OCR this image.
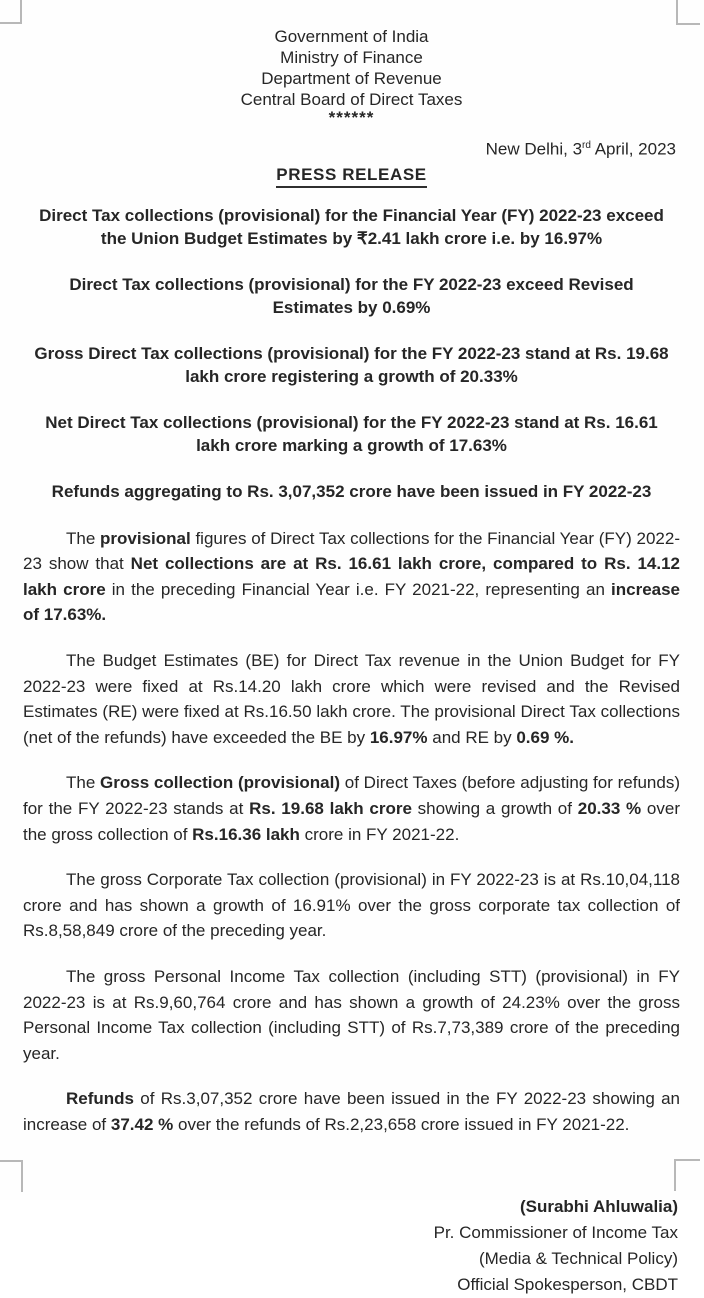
Government of India
Ministry of Finance
Department of Revenue
Central Board of Direct Taxes
******
New Delhi, 3rd April, 2023
PRESS RELEASE
Direct Tax collections (provisional) for the Financial Year (FY) 2022-23 exceed the Union Budget Estimates by ₹2.41 lakh crore i.e. by 16.97%
Direct Tax collections (provisional) for the FY 2022-23 exceed Revised Estimates by 0.69%
Gross Direct Tax collections (provisional) for the FY 2022-23 stand at Rs. 19.68 lakh crore registering a growth of 20.33%
Net Direct Tax collections (provisional) for the FY 2022-23 stand at Rs. 16.61 lakh crore marking a growth of 17.63%
Refunds aggregating to Rs. 3,07,352 crore have been issued in FY 2022-23

The provisional figures of Direct Tax collections for the Financial Year (FY) 2022-23 show that Net collections are at Rs. 16.61 lakh crore, compared to Rs. 14.12 lakh crore in the preceding Financial Year i.e. FY 2021-22, representing an increase of 17.63%.

The Budget Estimates (BE) for Direct Tax revenue in the Union Budget for FY 2022-23 were fixed at Rs.14.20 lakh crore which were revised and the Revised Estimates (RE) were fixed at Rs.16.50 lakh crore. The provisional Direct Tax collections (net of the refunds) have exceeded the BE by 16.97% and RE by 0.69 %.

The Gross collection (provisional) of Direct Taxes (before adjusting for refunds) for the FY 2022-23 stands at Rs. 19.68 lakh crore showing a growth of 20.33 % over the gross collection of Rs.16.36 lakh crore in FY 2021-22.

The gross Corporate Tax collection (provisional) in FY 2022-23 is at Rs.10,04,118 crore and has shown a growth of 16.91% over the gross corporate tax collection of Rs.8,58,849 crore of the preceding year.

The gross Personal Income Tax collection (including STT) (provisional) in FY 2022-23 is at Rs.9,60,764 crore and has shown a growth of 24.23% over the gross Personal Income Tax collection (including STT) of Rs.7,73,389 crore of the preceding year.

Refunds of Rs.3,07,352 crore have been issued in the FY 2022-23 showing an increase of 37.42 % over the refunds of Rs.2,23,658 crore issued in FY 2021-22.

(Surabhi Ahluwalia)
Pr. Commissioner of Income Tax
(Media & Technical Policy)
Official Spokesperson, CBDT
